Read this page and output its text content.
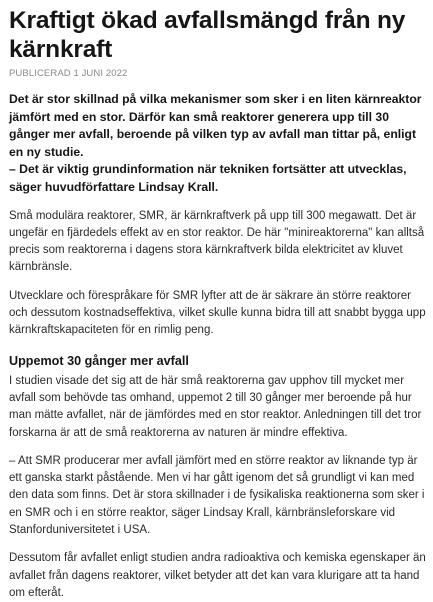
Kraftigt ökad avfallsmängd från ny kärnkraft
PUBLICERAD 1 JUNI 2022

Det är stor skillnad på vilka mekanismer som sker i en liten kärnreaktor jämfört med en stor. Därför kan små reaktorer generera upp till 30 gånger mer avfall, beroende på vilken typ av avfall man tittar på, enligt en ny studie.

– Det är viktig grundinformation när tekniken fortsätter att utvecklas, säger huvudförfattare Lindsay Krall.

Små modulära reaktorer, SMR, är kärnkraftverk på upp till 300 megawatt. Det är ungefär en fjärdedels effekt av en stor reaktor. De här "minireaktorerna" kan alltså precis som reaktorerna i dagens stora kärnkraftverk bilda elektricitet av kluvet kärnbränsle.

Utvecklare och förespråkare för SMR lyfter att de är säkrare än större reaktorer och dessutom kostnadseffektiva, vilket skulle kunna bidra till att snabbt bygga upp kärnkraftskapaciteten för en rimlig peng.

Uppemot 30 gånger mer avfall

I studien visade det sig att de här små reaktorerna gav upphov till mycket mer avfall som behövde tas omhand, uppemot 2 till 30 gånger mer beroende på hur man mätte avfallet, när de jämfördes med en stor reaktor. Anledningen till det tror forskarna är att de små reaktorerna av naturen är mindre effektiva.

– Att SMR producerar mer avfall jämfört med en större reaktor av liknande typ är ett ganska starkt påstående. Men vi har gått igenom det så grundligt vi kan med den data som finns. Det är stora skillnader i de fysikaliska reaktionerna som sker i en SMR och i en större reaktor, säger Lindsay Krall, kärnbränsleforskare vid Stanforduniversitetet i USA.

Dessutom får avfallet enligt studien andra radioaktiva och kemiska egenskaper än avfallet från dagens reaktorer, vilket betyder att det kan vara klurigare att ta hand om efteråt.
